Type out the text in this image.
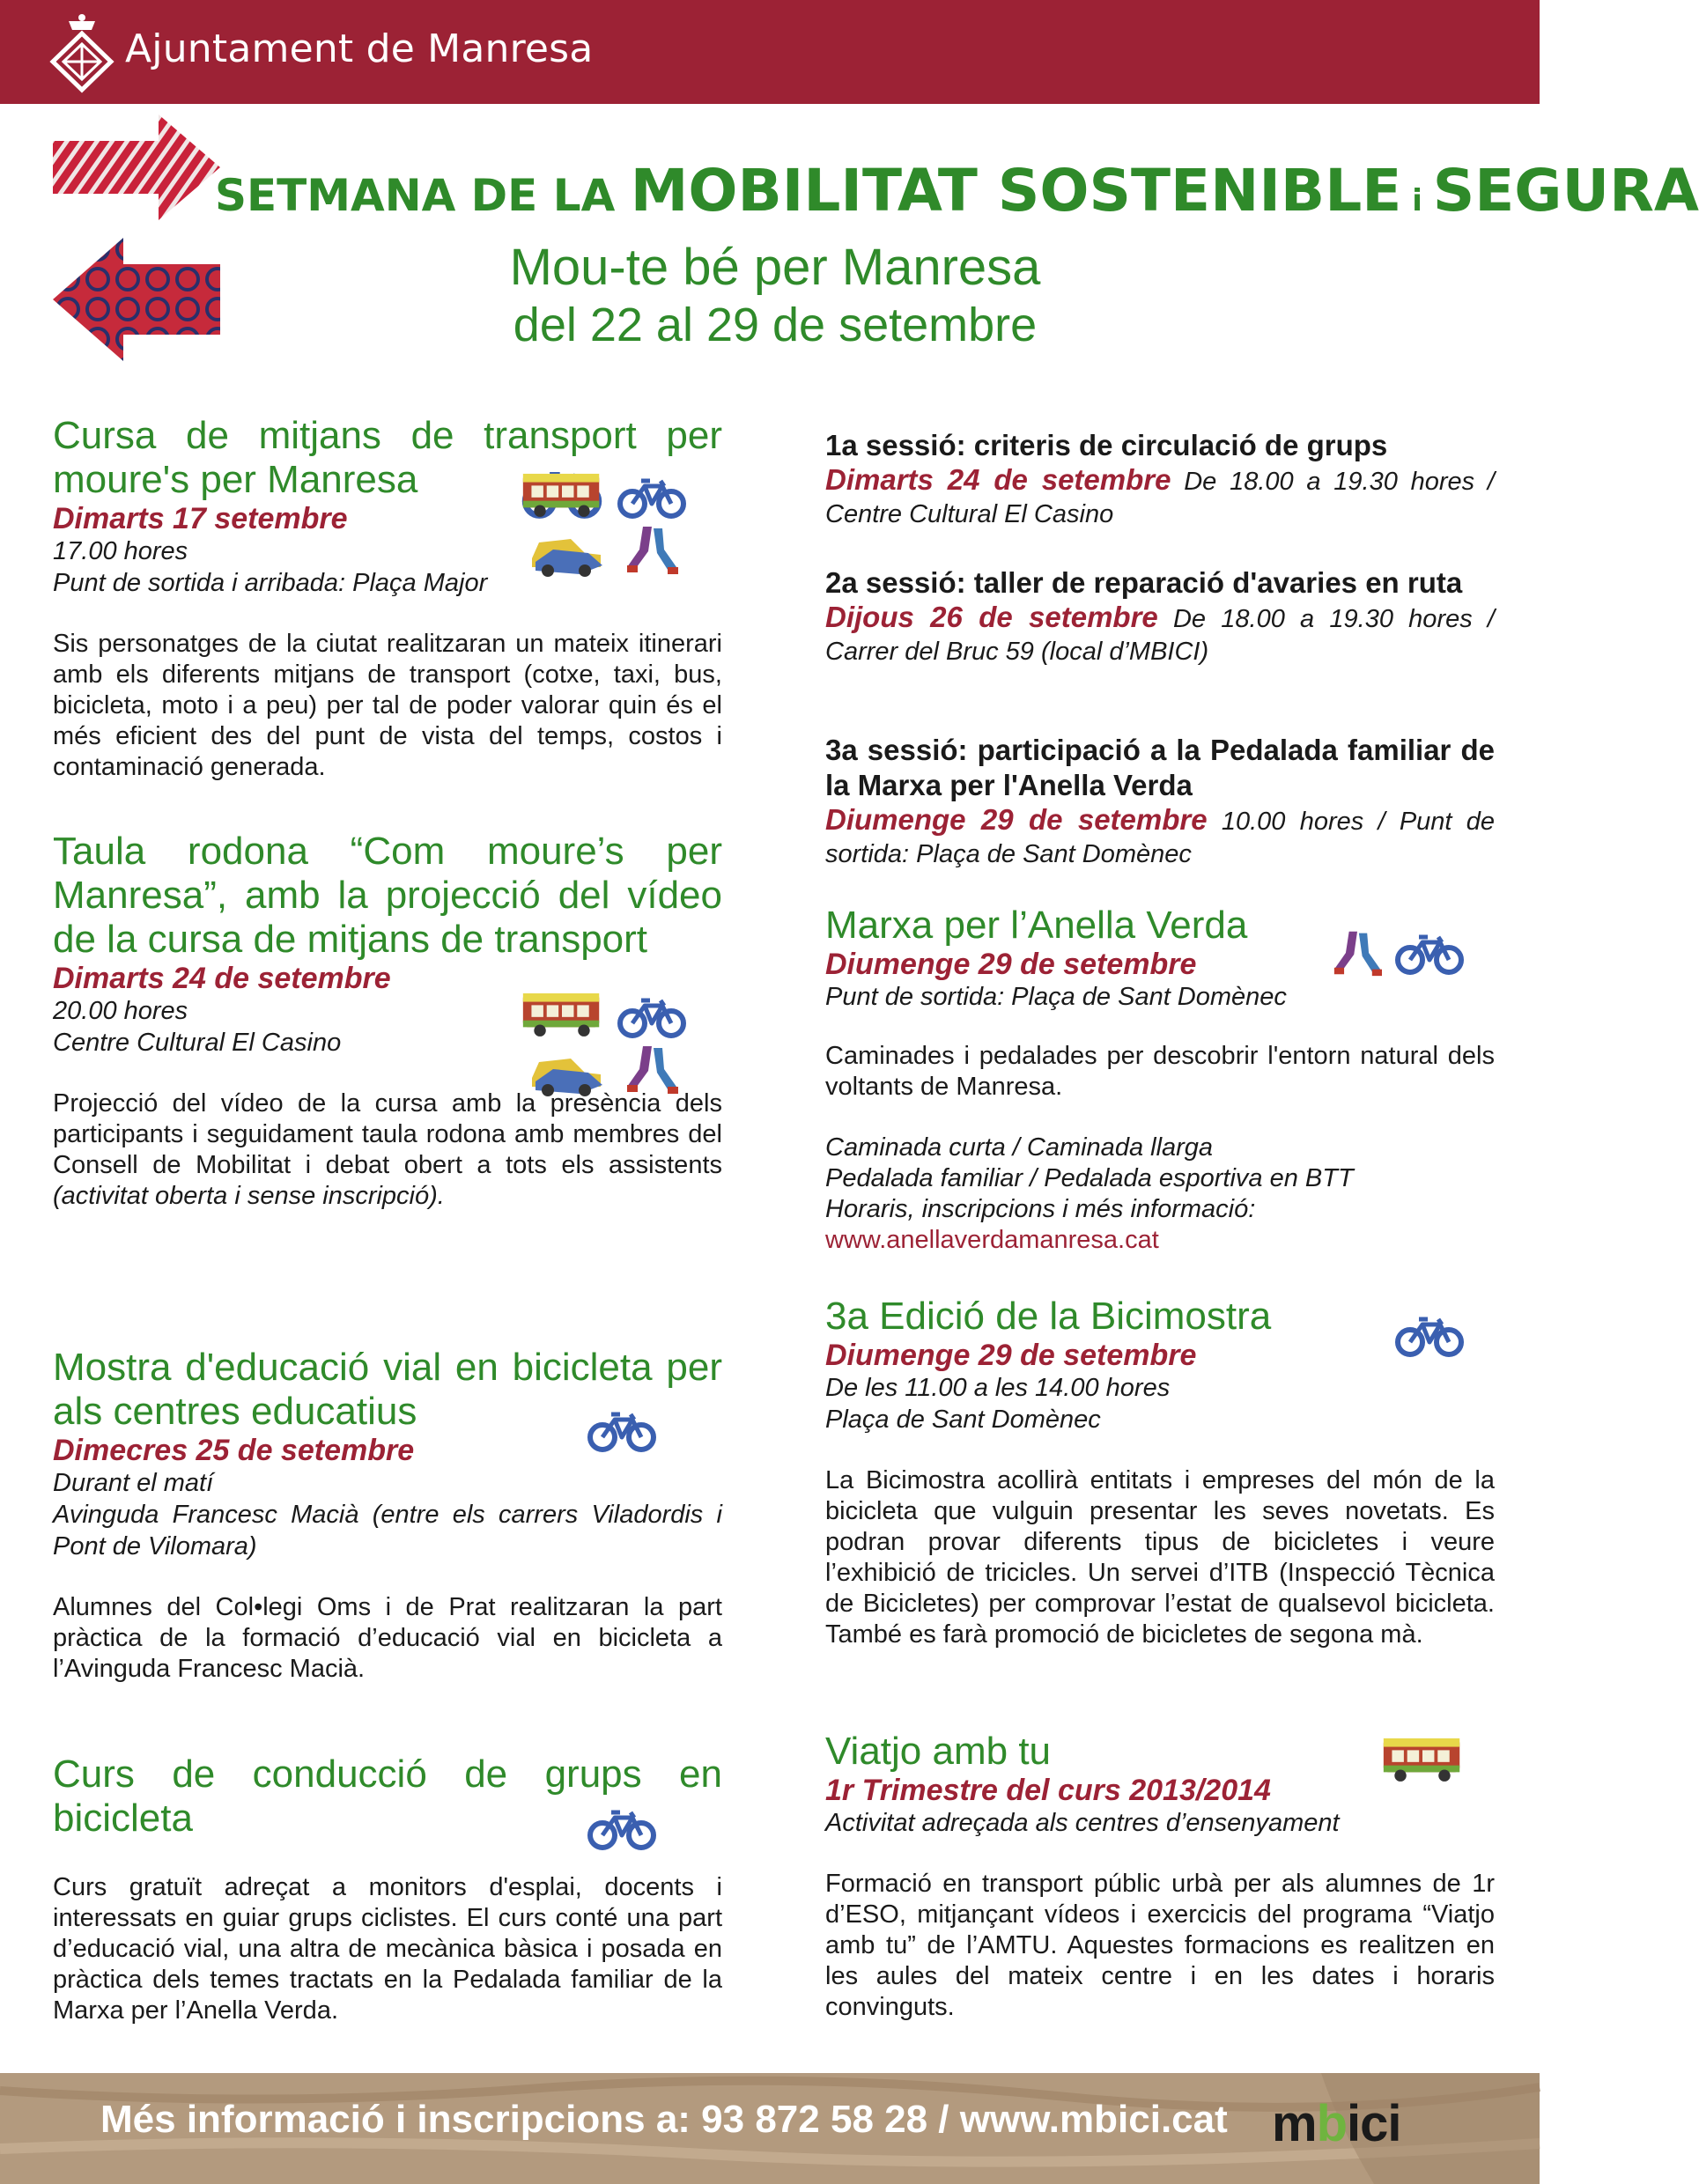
Ajuntament de Manresa
SETMANA DE LA MOBILITAT SOSTENIBLE i SEGURA
Mou-te bé per Manresa
del 22 al 29 de setembre
Cursa de mitjans de transport per moure's per Manresa
Dimarts 17 setembre
17.00 hores
Punt de sortida i arribada: Plaça Major
Sis personatges de la ciutat realitzaran un mateix itinerari amb els diferents mitjans de transport (cotxe, taxi, bus, bicicleta, moto i a peu) per tal de poder valorar quin és el més eficient des del punt de vista del temps, costos i contaminació generada.
Taula rodona “Com moure’s per Manresa”, amb la projecció del vídeo de la cursa de mitjans de transport
Dimarts 24 de setembre
20.00 hores
Centre Cultural El Casino
Projecció del vídeo de la cursa amb la presència dels participants i seguidament taula rodona amb membres del Consell de Mobilitat i debat obert a tots els assistents (activitat oberta i sense inscripció).
Mostra d'educació vial en bicicleta per als centres educatius
Dimecres 25 de setembre
Durant el matí
Avinguda Francesc Macià (entre els carrers Viladordis i Pont de Vilomara)
Alumnes del Col•legi Oms i de Prat realitzaran la part pràctica de la formació d’educació vial en bicicleta a l’Avinguda Francesc Macià.
Curs de conducció de grups en bicicleta
Curs gratuït adreçat a monitors d'esplai, docents i interessats en guiar grups ciclistes. El curs conté una part d’educació vial, una altra de mecànica bàsica i posada en pràctica dels temes tractats en la Pedalada familiar de la Marxa per l’Anella Verda.
1a sessió: criteris de circulació de grups
Dimarts 24 de setembre De 18.00 a 19.30 hores / Centre Cultural El Casino
2a sessió: taller de reparació d'avaries en ruta
Dijous 26 de setembre De 18.00 a 19.30 hores / Carrer del Bruc 59 (local d’MBICI)
3a sessió: participació a la Pedalada familiar de la Marxa per l'Anella Verda
Diumenge 29 de setembre 10.00 hores / Punt de sortida: Plaça de Sant Domènec
Marxa per l’Anella Verda
Diumenge 29 de setembre
Punt de sortida: Plaça de Sant Domènec
Caminades i pedalades per descobrir l'entorn natural dels voltants de Manresa.
Caminada curta / Caminada llarga
Pedalada familiar / Pedalada esportiva en BTT
Horaris, inscripcions i més informació:
www.anellaverdamanresa.cat
3a Edició de la Bicimostra
Diumenge 29 de setembre
De les 11.00 a les 14.00 hores
Plaça de Sant Domènec
La Bicimostra acollirà entitats i empreses del món de la bicicleta que vulguin presentar les seves novetats. Es podran provar diferents tipus de bicicletes i veure l’exhibició de tricicles. Un servei d’ITB (Inspecció Tècnica de Bicicletes) per comprovar l’estat de qualsevol bicicleta. També es farà promoció de bicicletes de segona mà.
Viatjo amb tu
1r Trimestre del curs 2013/2014
Activitat adreçada als centres d’ensenyament
Formació en transport públic urbà per als alumnes de 1r d’ESO, mitjançant vídeos i exercicis del programa “Viatjo amb tu” de l’AMTU. Aquestes formacions es realitzen en les aules del mateix centre i en les dates i horaris convinguts.
Més informació i inscripcions a: 93 872 58 28 / www.mbici.cat mbici
